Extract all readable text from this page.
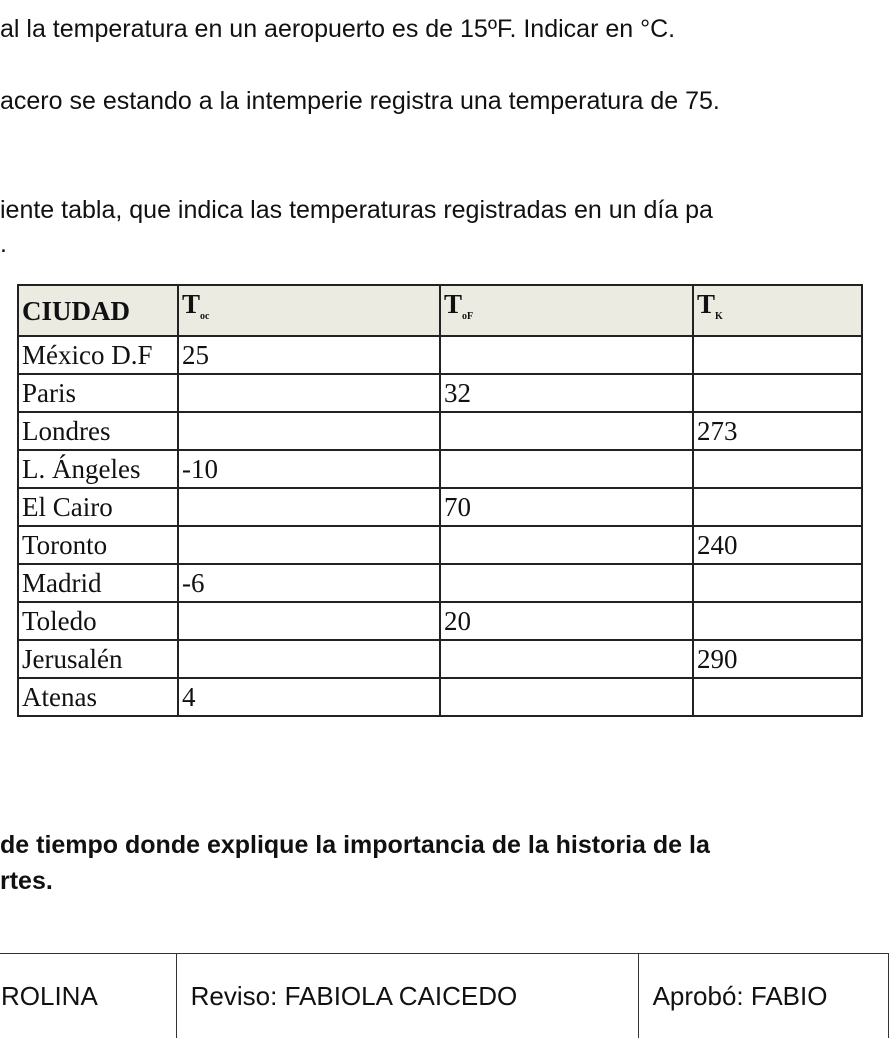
al la temperatura en un aeropuerto es de 15ºF. Indicar en °C.
acero se estando a la intemperie registra una temperatura de 75.
iente tabla, que indica las temperaturas registradas en un día pa
.
CIUDAD	$T_{oc}$	$T_{oF}$	$T_K$
México D.F	25		
Paris		32	
Londres			273
L. Ángeles	-10		
El Cairo		70	
Toronto			240
Madrid	-6		
Toledo		20	
Jerusalén			290
Atenas	4		
de tiempo donde explique la importancia de la historia de la
rtes.
ROLINA	Reviso: FABIOLA CAICEDO	Aprobó: FABIO
